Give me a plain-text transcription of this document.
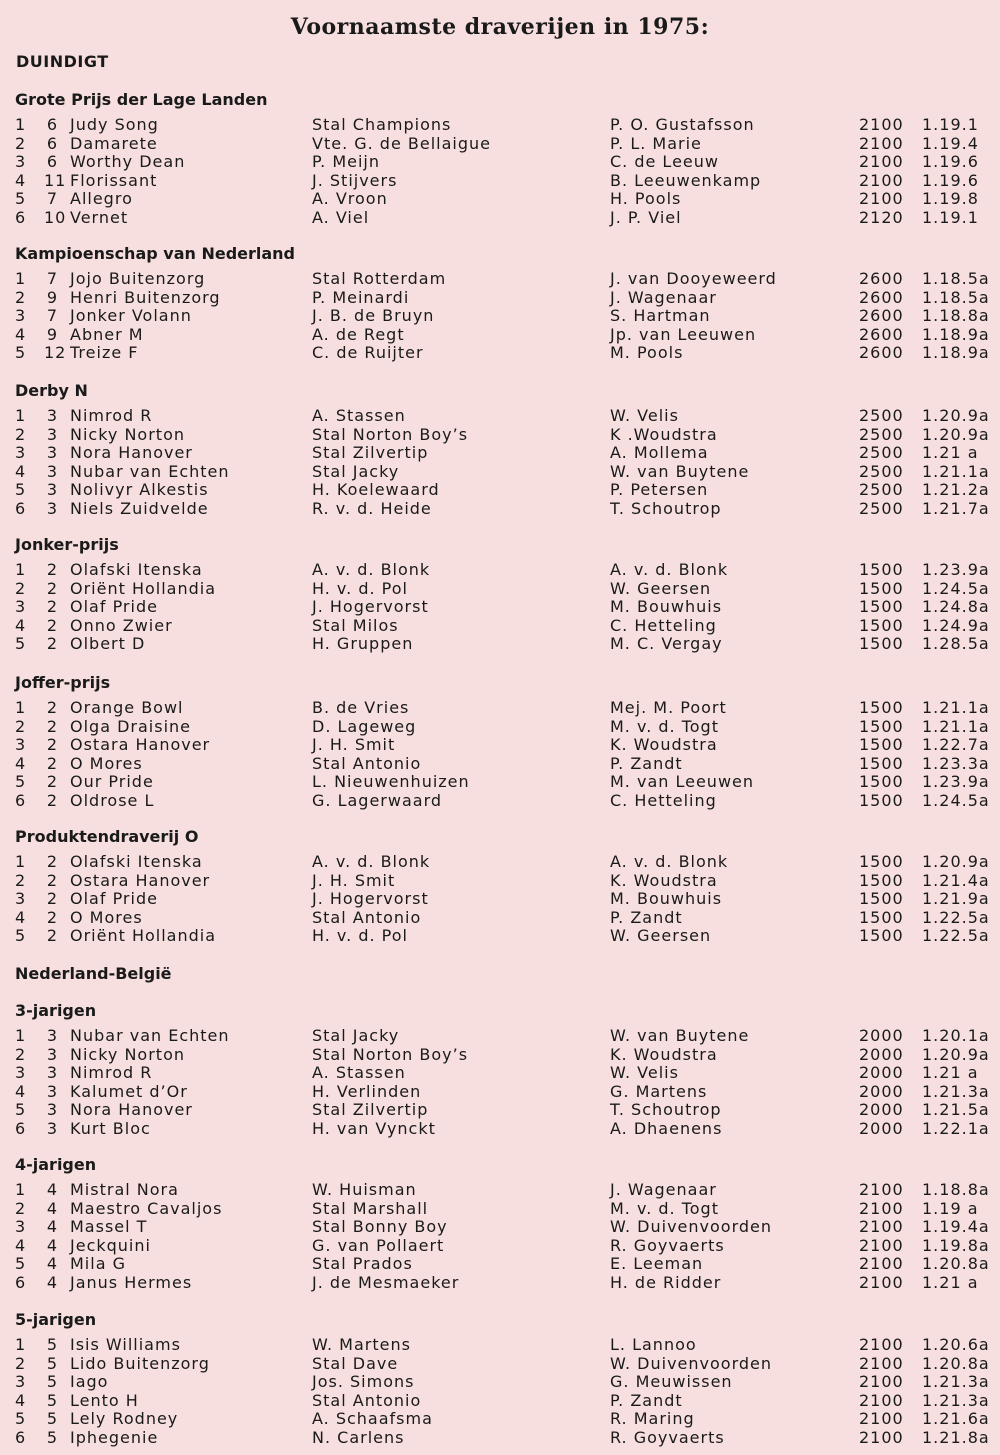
Voornaamste draverijen in 1975:
DUINDIGT
Grote Prijs der Lage Landen
1 6 Judy Song	Stal Champions	P. O. Gustafsson	2100 1.19.1
2 6 Damarete	Vte. G. de Bellaigue	P. L. Marie	2100 1.19.4
3 6 Worthy Dean	P. Meijn	C. de Leeuw	2100 1.19.6
4 11 Florissant	J. Stijvers	B. Leeuwenkamp	2100 1.19.6
5 7 Allegro	A. Vroon	H. Pools	2100 1.19.8
6 10 Vernet	A. Viel	J. P. Viel	2120 1.19.1
Kampioenschap van Nederland
1 7 Jojo Buitenzorg	Stal Rotterdam	J. van Dooyeweerd	2600 1.18.5a
2 9 Henri Buitenzorg	P. Meinardi	J. Wagenaar	2600 1.18.5a
3 7 Jonker Volann	J. B. de Bruyn	S. Hartman	2600 1.18.8a
4 9 Abner M	A. de Regt	Jp. van Leeuwen	2600 1.18.9a
5 12 Treize F	C. de Ruijter	M. Pools	2600 1.18.9a
Derby N
1 3 Nimrod R	A. Stassen	W. Velis	2500 1.20.9a
2 3 Nicky Norton	Stal Norton Boy’s	K .Woudstra	2500 1.20.9a
3 3 Nora Hanover	Stal Zilvertip	A. Mollema	2500 1.21 a
4 3 Nubar van Echten	Stal Jacky	W. van Buytene	2500 1.21.1a
5 3 Nolivyr Alkestis	H. Koelewaard	P. Petersen	2500 1.21.2a
6 3 Niels Zuidvelde	R. v. d. Heide	T. Schoutrop	2500 1.21.7a
Jonker-prijs
1 2 Olafski Itenska	A. v. d. Blonk	A. v. d. Blonk	1500 1.23.9a
2 2 Oriënt Hollandia	H. v. d. Pol	W. Geersen	1500 1.24.5a
3 2 Olaf Pride	J. Hogervorst	M. Bouwhuis	1500 1.24.8a
4 2 Onno Zwier	Stal Milos	C. Hetteling	1500 1.24.9a
5 2 Olbert D	H. Gruppen	M. C. Vergay	1500 1.28.5a
Joffer-prijs
1 2 Orange Bowl	B. de Vries	Mej. M. Poort	1500 1.21.1a
2 2 Olga Draisine	D. Lageweg	M. v. d. Togt	1500 1.21.1a
3 2 Ostara Hanover	J. H. Smit	K. Woudstra	1500 1.22.7a
4 2 O Mores	Stal Antonio	P. Zandt	1500 1.23.3a
5 2 Our Pride	L. Nieuwenhuizen	M. van Leeuwen	1500 1.23.9a
6 2 Oldrose L	G. Lagerwaard	C. Hetteling	1500 1.24.5a
Produktendraverij O
1 2 Olafski Itenska	A. v. d. Blonk	A. v. d. Blonk	1500 1.20.9a
2 2 Ostara Hanover	J. H. Smit	K. Woudstra	1500 1.21.4a
3 2 Olaf Pride	J. Hogervorst	M. Bouwhuis	1500 1.21.9a
4 2 O Mores	Stal Antonio	P. Zandt	1500 1.22.5a
5 2 Oriënt Hollandia	H. v. d. Pol	W. Geersen	1500 1.22.5a
Nederland-België
3-jarigen
1 3 Nubar van Echten	Stal Jacky	W. van Buytene	2000 1.20.1a
2 3 Nicky Norton	Stal Norton Boy’s	K. Woudstra	2000 1.20.9a
3 3 Nimrod R	A. Stassen	W. Velis	2000 1.21 a
4 3 Kalumet d’Or	H. Verlinden	G. Martens	2000 1.21.3a
5 3 Nora Hanover	Stal Zilvertip	T. Schoutrop	2000 1.21.5a
6 3 Kurt Bloc	H. van Vynckt	A. Dhaenens	2000 1.22.1a
4-jarigen
1 4 Mistral Nora	W. Huisman	J. Wagenaar	2100 1.18.8a
2 4 Maestro Cavaljos	Stal Marshall	M. v. d. Togt	2100 1.19 a
3 4 Massel T	Stal Bonny Boy	W. Duivenvoorden	2100 1.19.4a
4 4 Jeckquini	G. van Pollaert	R. Goyvaerts	2100 1.19.8a
5 4 Mila G	Stal Prados	E. Leeman	2100 1.20.8a
6 4 Janus Hermes	J. de Mesmaeker	H. de Ridder	2100 1.21 a
5-jarigen
1 5 Isis Williams	W. Martens	L. Lannoo	2100 1.20.6a
2 5 Lido Buitenzorg	Stal Dave	W. Duivenvoorden	2100 1.20.8a
3 5 Iago	Jos. Simons	G. Meuwissen	2100 1.21.3a
4 5 Lento H	Stal Antonio	P. Zandt	2100 1.21.3a
5 5 Lely Rodney	A. Schaafsma	R. Maring	2100 1.21.6a
6 5 Iphegenie	N. Carlens	R. Goyvaerts	2100 1.21.8a
